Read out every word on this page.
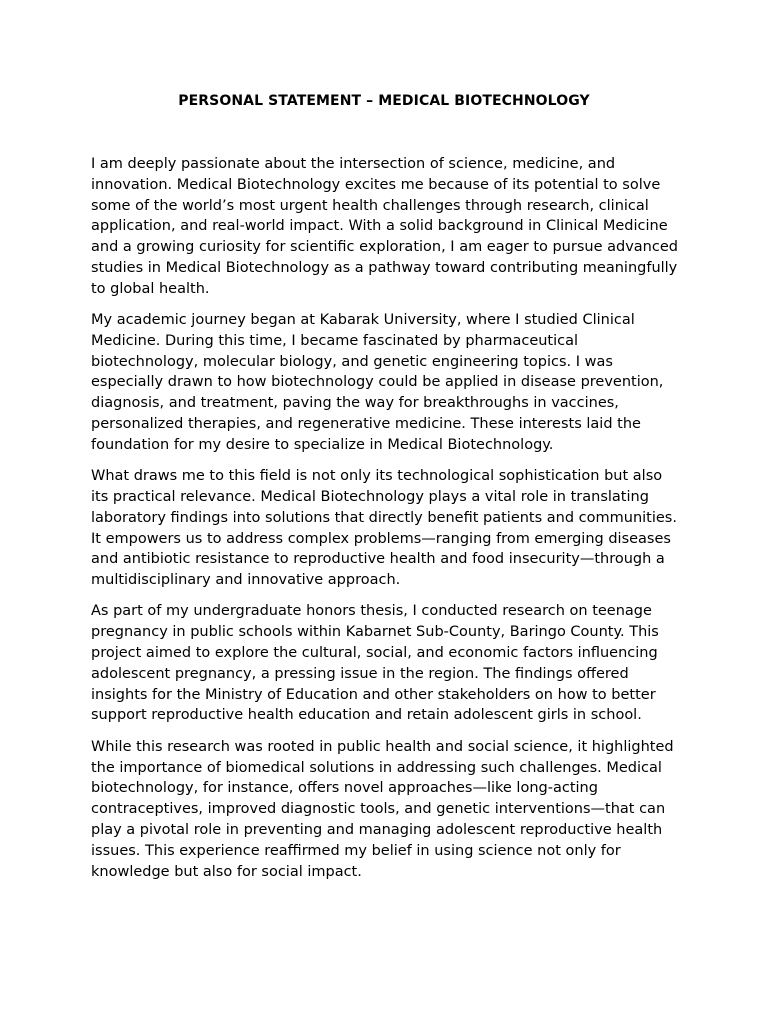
PERSONAL STATEMENT – MEDICAL BIOTECHNOLOGY

I am deeply passionate about the intersection of science, medicine, and innovation. Medical Biotechnology excites me because of its potential to solve some of the world’s most urgent health challenges through research, clinical application, and real-world impact. With a solid background in Clinical Medicine and a growing curiosity for scientific exploration, I am eager to pursue advanced studies in Medical Biotechnology as a pathway toward contributing meaningfully to global health.

My academic journey began at Kabarak University, where I studied Clinical Medicine. During this time, I became fascinated by pharmaceutical biotechnology, molecular biology, and genetic engineering topics. I was especially drawn to how biotechnology could be applied in disease prevention, diagnosis, and treatment, paving the way for breakthroughs in vaccines, personalized therapies, and regenerative medicine. These interests laid the foundation for my desire to specialize in Medical Biotechnology.

What draws me to this field is not only its technological sophistication but also its practical relevance. Medical Biotechnology plays a vital role in translating laboratory findings into solutions that directly benefit patients and communities. It empowers us to address complex problems—ranging from emerging diseases and antibiotic resistance to reproductive health and food insecurity—through a multidisciplinary and innovative approach.

As part of my undergraduate honors thesis, I conducted research on teenage pregnancy in public schools within Kabarnet Sub-County, Baringo County. This project aimed to explore the cultural, social, and economic factors influencing adolescent pregnancy, a pressing issue in the region. The findings offered insights for the Ministry of Education and other stakeholders on how to better support reproductive health education and retain adolescent girls in school.

While this research was rooted in public health and social science, it highlighted the importance of biomedical solutions in addressing such challenges. Medical biotechnology, for instance, offers novel approaches—like long-acting contraceptives, improved diagnostic tools, and genetic interventions—that can play a pivotal role in preventing and managing adolescent reproductive health issues. This experience reaffirmed my belief in using science not only for knowledge but also for social impact.
